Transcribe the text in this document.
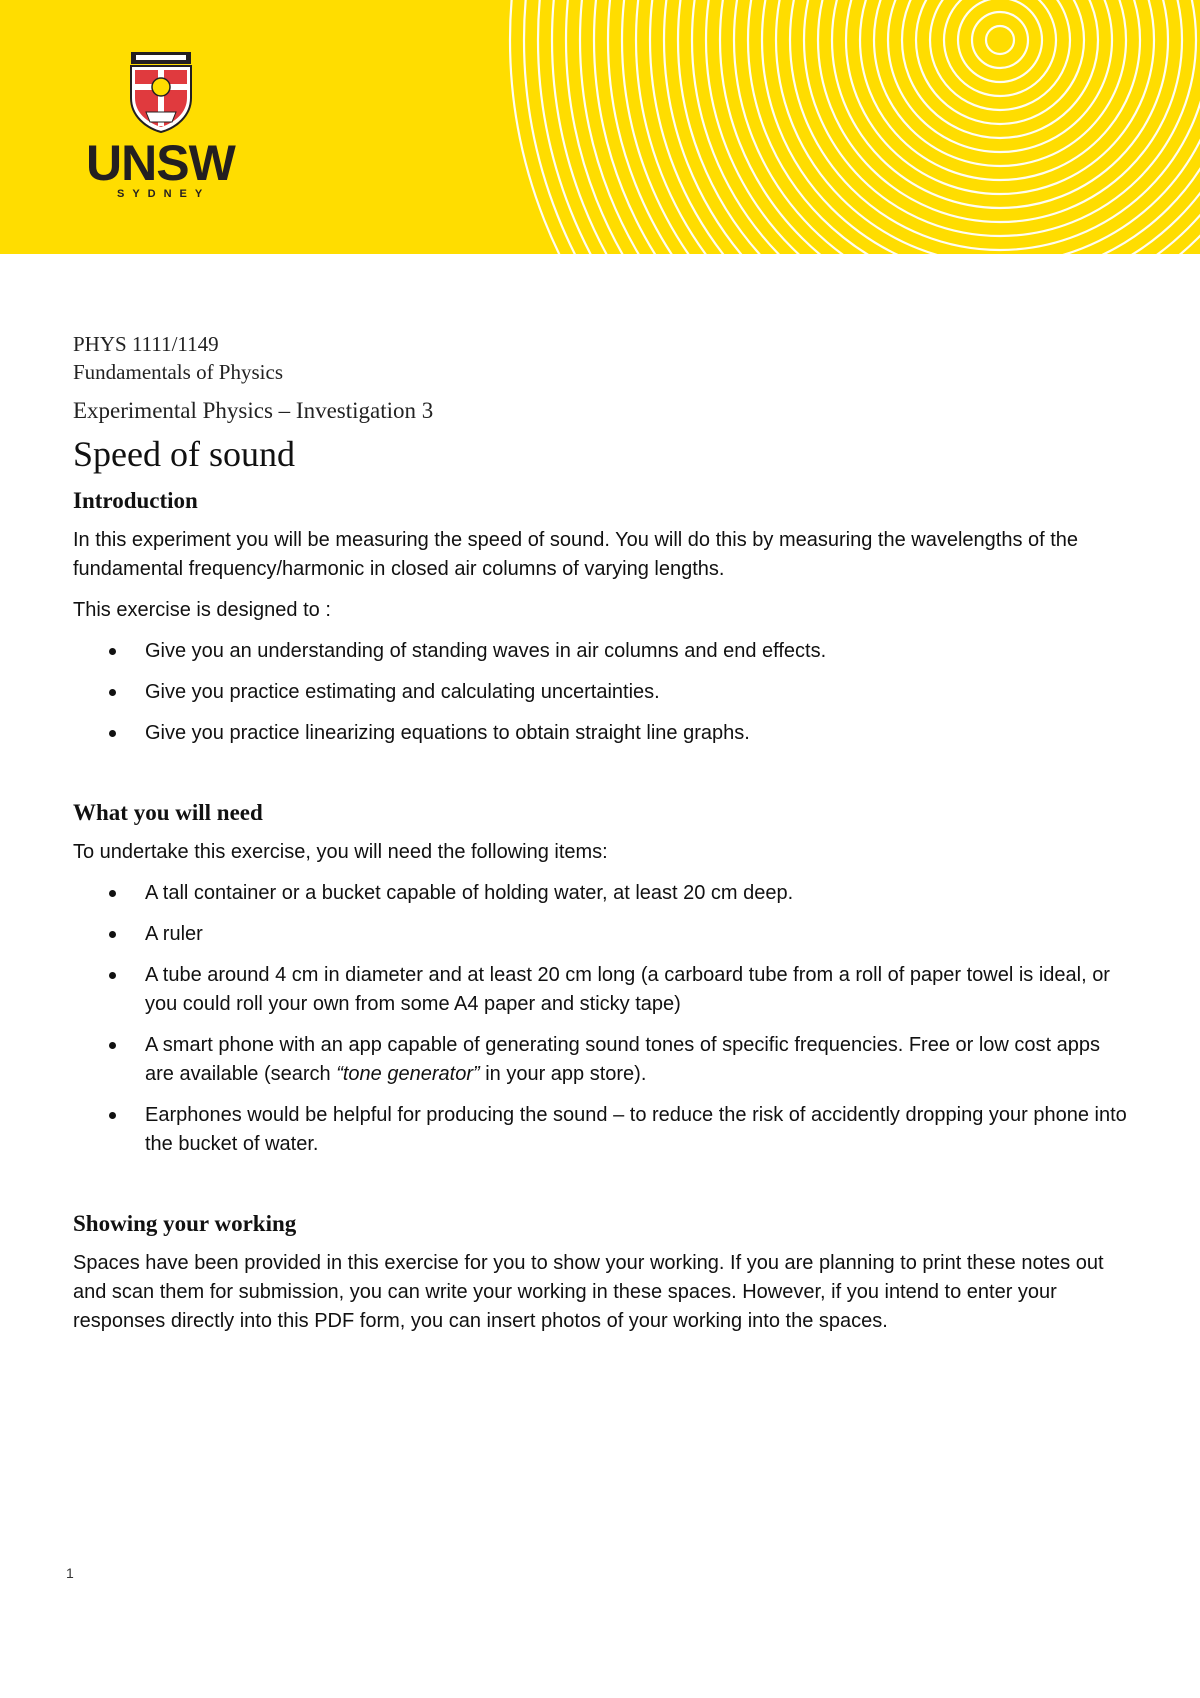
UNSW
SYDNEY
PHYS 1111/1149
Fundamentals of Physics
Experimental Physics – Investigation 3
Speed of sound
Introduction

In this experiment you will be measuring the speed of sound. You will do this by measuring the wavelengths of the fundamental frequency/harmonic in closed air columns of varying lengths.

This exercise is designed to :

Give you an understanding of standing waves in air columns and end effects.
Give you practice estimating and calculating uncertainties.
Give you practice linearizing equations to obtain straight line graphs.
What you will need

To undertake this exercise, you will need the following items:

A tall container or a bucket capable of holding water, at least 20 cm deep.
A ruler
A tube around 4 cm in diameter and at least 20 cm long (a carboard tube from a roll of paper towel is ideal, or you could roll your own from some A4 paper and sticky tape)
A smart phone with an app capable of generating sound tones of specific frequencies. Free or low cost apps are available (search “tone generator” in your app store).
Earphones would be helpful for producing the sound – to reduce the risk of accidently dropping your phone into the bucket of water.
Showing your working

Spaces have been provided in this exercise for you to show your working. If you are planning to print these notes out and scan them for submission, you can write your working in these spaces. However, if you intend to enter your responses directly into this PDF form, you can insert photos of your working into the spaces.

1
